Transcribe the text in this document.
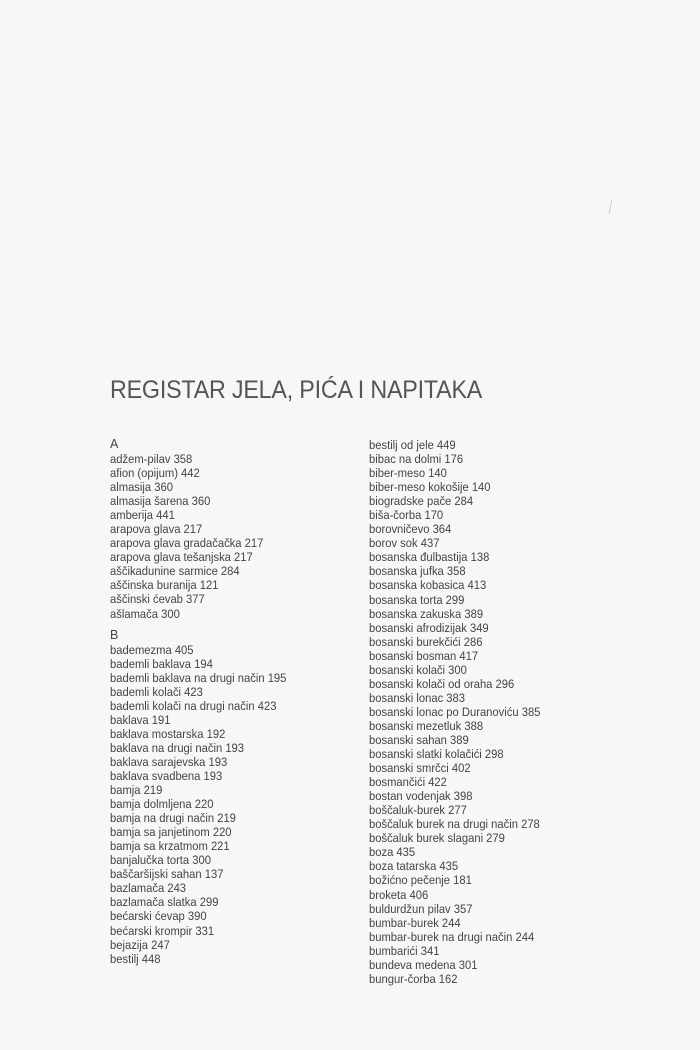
REGISTAR JELA, PIĆA I NAPITAKA
A
adžem-pilav 358
afion (opijum) 442
almasija 360
almasija šarena 360
amberija 441
arapova glava 217
arapova glava gradačačka 217
arapova glava tešanjska 217
aščikadunine sarmice 284
aščinska buranija 121
aščinski ćevab 377
ašlamača 300
B
bademezma 405
bademli baklava 194
bademli baklava na drugi način 195
bademli kolači 423
bademli kolači na drugi način 423
baklava 191
baklava mostarska 192
baklava na drugi način 193
baklava sarajevska 193
baklava svadbena 193
bamja 219
bamja dolmljena 220
bamja na drugi način 219
bamja sa janjetinom 220
bamja sa krzatmom 221
banjalučka torta 300
baščaršijski sahan 137
bazlamača 243
bazlamača slatka 299
bećarski ćevap 390
bećarski krompir 331
bejazija 247
bestilj 448
bestilj od jele 449
bibac na dolmi 176
biber-meso 140
biber-meso kokošije 140
biogradske pače 284
biša-čorba 170
borovničevo 364
borov sok 437
bosanska đulbastija 138
bosanska jufka 358
bosanska kobasica 413
bosanska torta 299
bosanska zakuska 389
bosanski afrodizijak 349
bosanski burekčići 286
bosanski bosman 417
bosanski kolači 300
bosanski kolači od oraha 296
bosanski lonac 383
bosanski lonac po Duranoviću 385
bosanski mezetluk 388
bosanski sahan 389
bosanski slatki kolačići 298
bosanski smrčci 402
bosmančići 422
bostan vodenjak 398
boščaluk-burek 277
boščaluk burek na drugi način 278
boščaluk burek slagani 279
boza 435
boza tatarska 435
božićno pečenje 181
broketa 406
buldurdžun pilav 357
bumbar-burek 244
bumbar-burek na drugi način 244
bumbarići 341
bundeva medena 301
bungur-čorba 162
